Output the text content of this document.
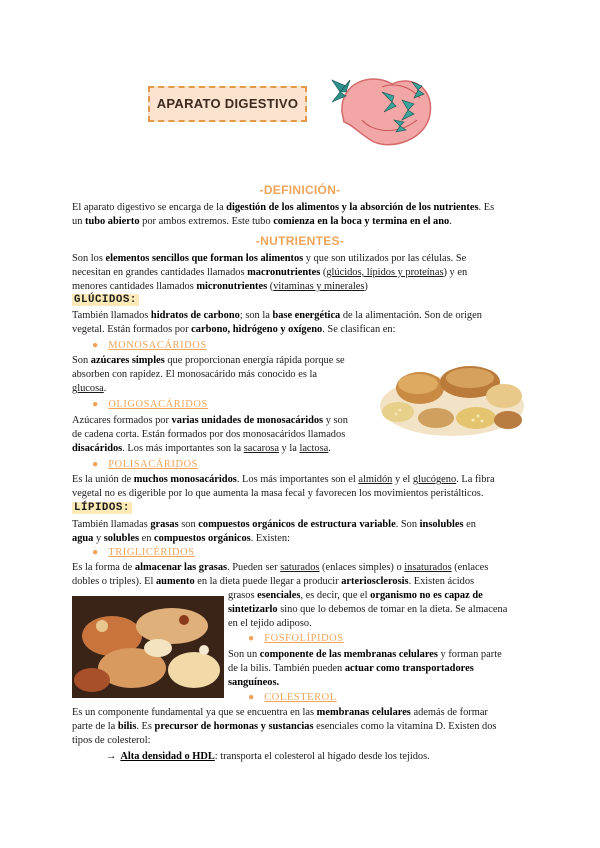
APARATO DIGESTIVO
-DEFINICIÓN-
El aparato digestivo se encarga de la digestión de los alimentos y la absorción de los nutrientes. Es
un tubo abierto por ambos extremos. Este tubo comienza en la boca y termina en el ano.
-NUTRIENTES-
Son los elementos sencillos que forman los alimentos y que son utilizados por las células. Se
necesitan en grandes cantidades llamados macronutrientes (glúcidos, lípidos y proteínas) y en
menores cantidades llamados micronutrientes (vitaminas y minerales)
GLÚCIDOS:
También llamados hidratos de carbono; son la base energética de la alimentación. Son de origen
vegetal. Están formados por carbono, hidrógeno y oxígeno. Se clasifican en:
● MONOSACÁRIDOS
Son azúcares simples que proporcionan energía rápida porque se
absorben con rapidez. El monosacárido más conocido es la
glucosa.
● OLIGOSACÁRIDOS
Azúcares formados por varias unidades de monosacáridos y son
de cadena corta. Están formados por dos monosacáridos llamados
disacáridos. Los más importantes son la sacarosa y la lactosa.
● POLISACÁRIDOS
Es la unión de muchos monosacáridos. Los más importantes son el almidón y el glucógeno. La fibra
vegetal no es digerible por lo que aumenta la masa fecal y favorecen los movimientos peristálticos.
LÍPIDOS:
También llamadas grasas son compuestos orgánicos de estructura variable. Son insolubles en
agua y solubles en compuestos orgánicos. Existen:
● TRIGLICÉRIDOS
Es la forma de almacenar las grasas. Pueden ser saturados (enlaces simples) o insaturados (enlaces
dobles o triples). El aumento en la dieta puede llegar a producir arteriosclerosis. Existen ácidos
grasos esenciales, es decir, que el organismo no es capaz de
sintetizarlo sino que lo debemos de tomar en la dieta. Se almacena
en el tejido adiposo.
● FOSFOLÍPIDOS
Son un componente de las membranas celulares y forman parte
de la bilis. También pueden actuar como transportadores
sanguíneos.
● COLESTEROL
Es un componente fundamental ya que se encuentra en las membranas celulares además de formar
parte de la bilis. Es precursor de hormonas y sustancias esenciales como la vitamina D. Existen dos
tipos de colesterol:
→ Alta densidad o HDL: transporta el colesterol al hígado desde los tejidos.
